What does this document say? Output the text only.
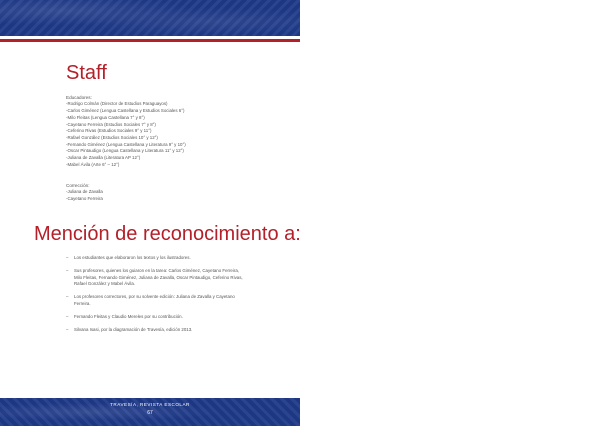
Staff
Educadores:
-Rodrigo Colmán (Director de Estudios Paraguayos)
-Carlos Giménez (Lengua Castellana y Estudios Sociales 6°)
-Milo Fleitas (Lengua Castellana 7° y 8°)
-Cayetano Ferreira (Estudios Sociales 7° y 8°)
-Ceferino Rivas (Estudios Sociales 9° y 11°)
-Rafael González (Estudios Sociales 10° y 12°)
-Fernando Giménez (Lengua Castellana y Literatura 9° y 10°)
-Oscar Pintaudigo (Lengua Castellana y Literatura 11° y 12°)
-Juliana de Zavalla (Literatura AP 12°)
-Mabel Ávila (Arte 6° – 12°)
Corrección:
-Juliana de Zavalla
-Cayetano Ferreira
Mención de reconocimiento a:
– Los estudiantes que elaboraron los textos y los ilustradores.
– Sus profesores, quienes los guiaron en la tarea: Carlos Giménez, Cayetano Ferreira, Milo Fleitas, Fernando Giménez, Juliana de Zavalla, Oscar Pintaudigo, Ceferino Rivas, Rafael González y Mabel Ávila.
– Los profesores correctores, por su solvente edición: Juliana de Zavalla y Cayetano Ferreira.
– Fernando Fleitas y Claudio Mereles por su contribución.
– Silvana Isasi, por la diagramación de Travesía, edición 2013.
TRAVESÍA, REVISTA ESCOLAR
67
